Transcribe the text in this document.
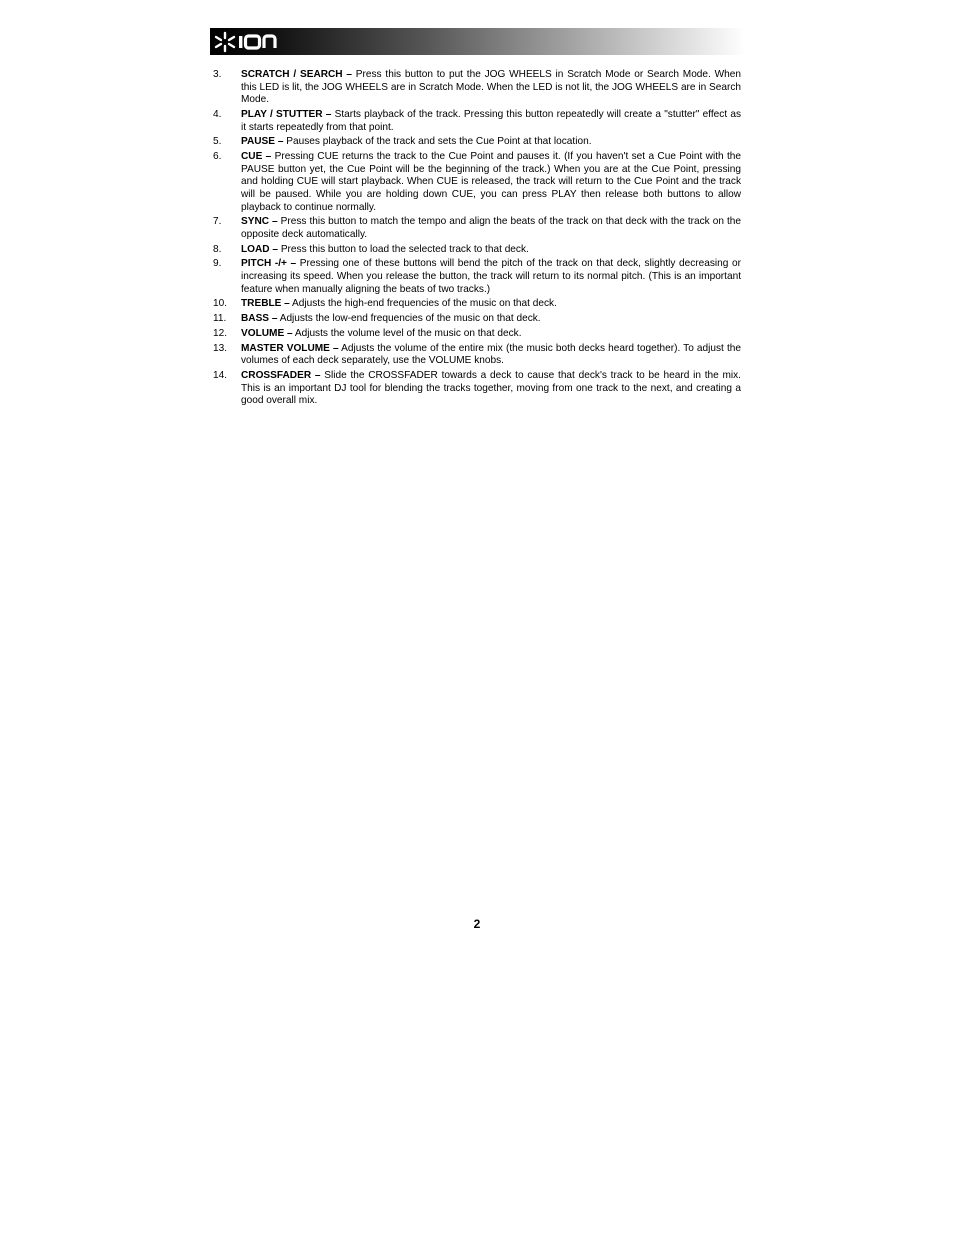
3.	SCRATCH / SEARCH – Press this button to put the JOG WHEELS in Scratch Mode or Search Mode. When this LED is lit, the JOG WHEELS are in Scratch Mode. When the LED is not lit, the JOG WHEELS are in Search Mode.
4.	PLAY / STUTTER – Starts playback of the track. Pressing this button repeatedly will create a "stutter" effect as it starts repeatedly from that point.
5.	PAUSE – Pauses playback of the track and sets the Cue Point at that location.
6.	CUE – Pressing CUE returns the track to the Cue Point and pauses it. (If you haven't set a Cue Point with the PAUSE button yet, the Cue Point will be the beginning of the track.) When you are at the Cue Point, pressing and holding CUE will start playback. When CUE is released, the track will return to the Cue Point and the track will be paused. While you are holding down CUE, you can press PLAY then release both buttons to allow playback to continue normally.
7.	SYNC – Press this button to match the tempo and align the beats of the track on that deck with the track on the opposite deck automatically.
8.	LOAD – Press this button to load the selected track to that deck.
9.	PITCH -/+ – Pressing one of these buttons will bend the pitch of the track on that deck, slightly decreasing or increasing its speed. When you release the button, the track will return to its normal pitch. (This is an important feature when manually aligning the beats of two tracks.)
10.	TREBLE – Adjusts the high-end frequencies of the music on that deck.
11.	BASS – Adjusts the low-end frequencies of the music on that deck.
12.	VOLUME – Adjusts the volume level of the music on that deck.
13.	MASTER VOLUME – Adjusts the volume of the entire mix (the music both decks heard together). To adjust the volumes of each deck separately, use the VOLUME knobs.
14.	CROSSFADER – Slide the CROSSFADER towards a deck to cause that deck's track to be heard in the mix. This is an important DJ tool for blending the tracks together, moving from one track to the next, and creating a good overall mix.
2
